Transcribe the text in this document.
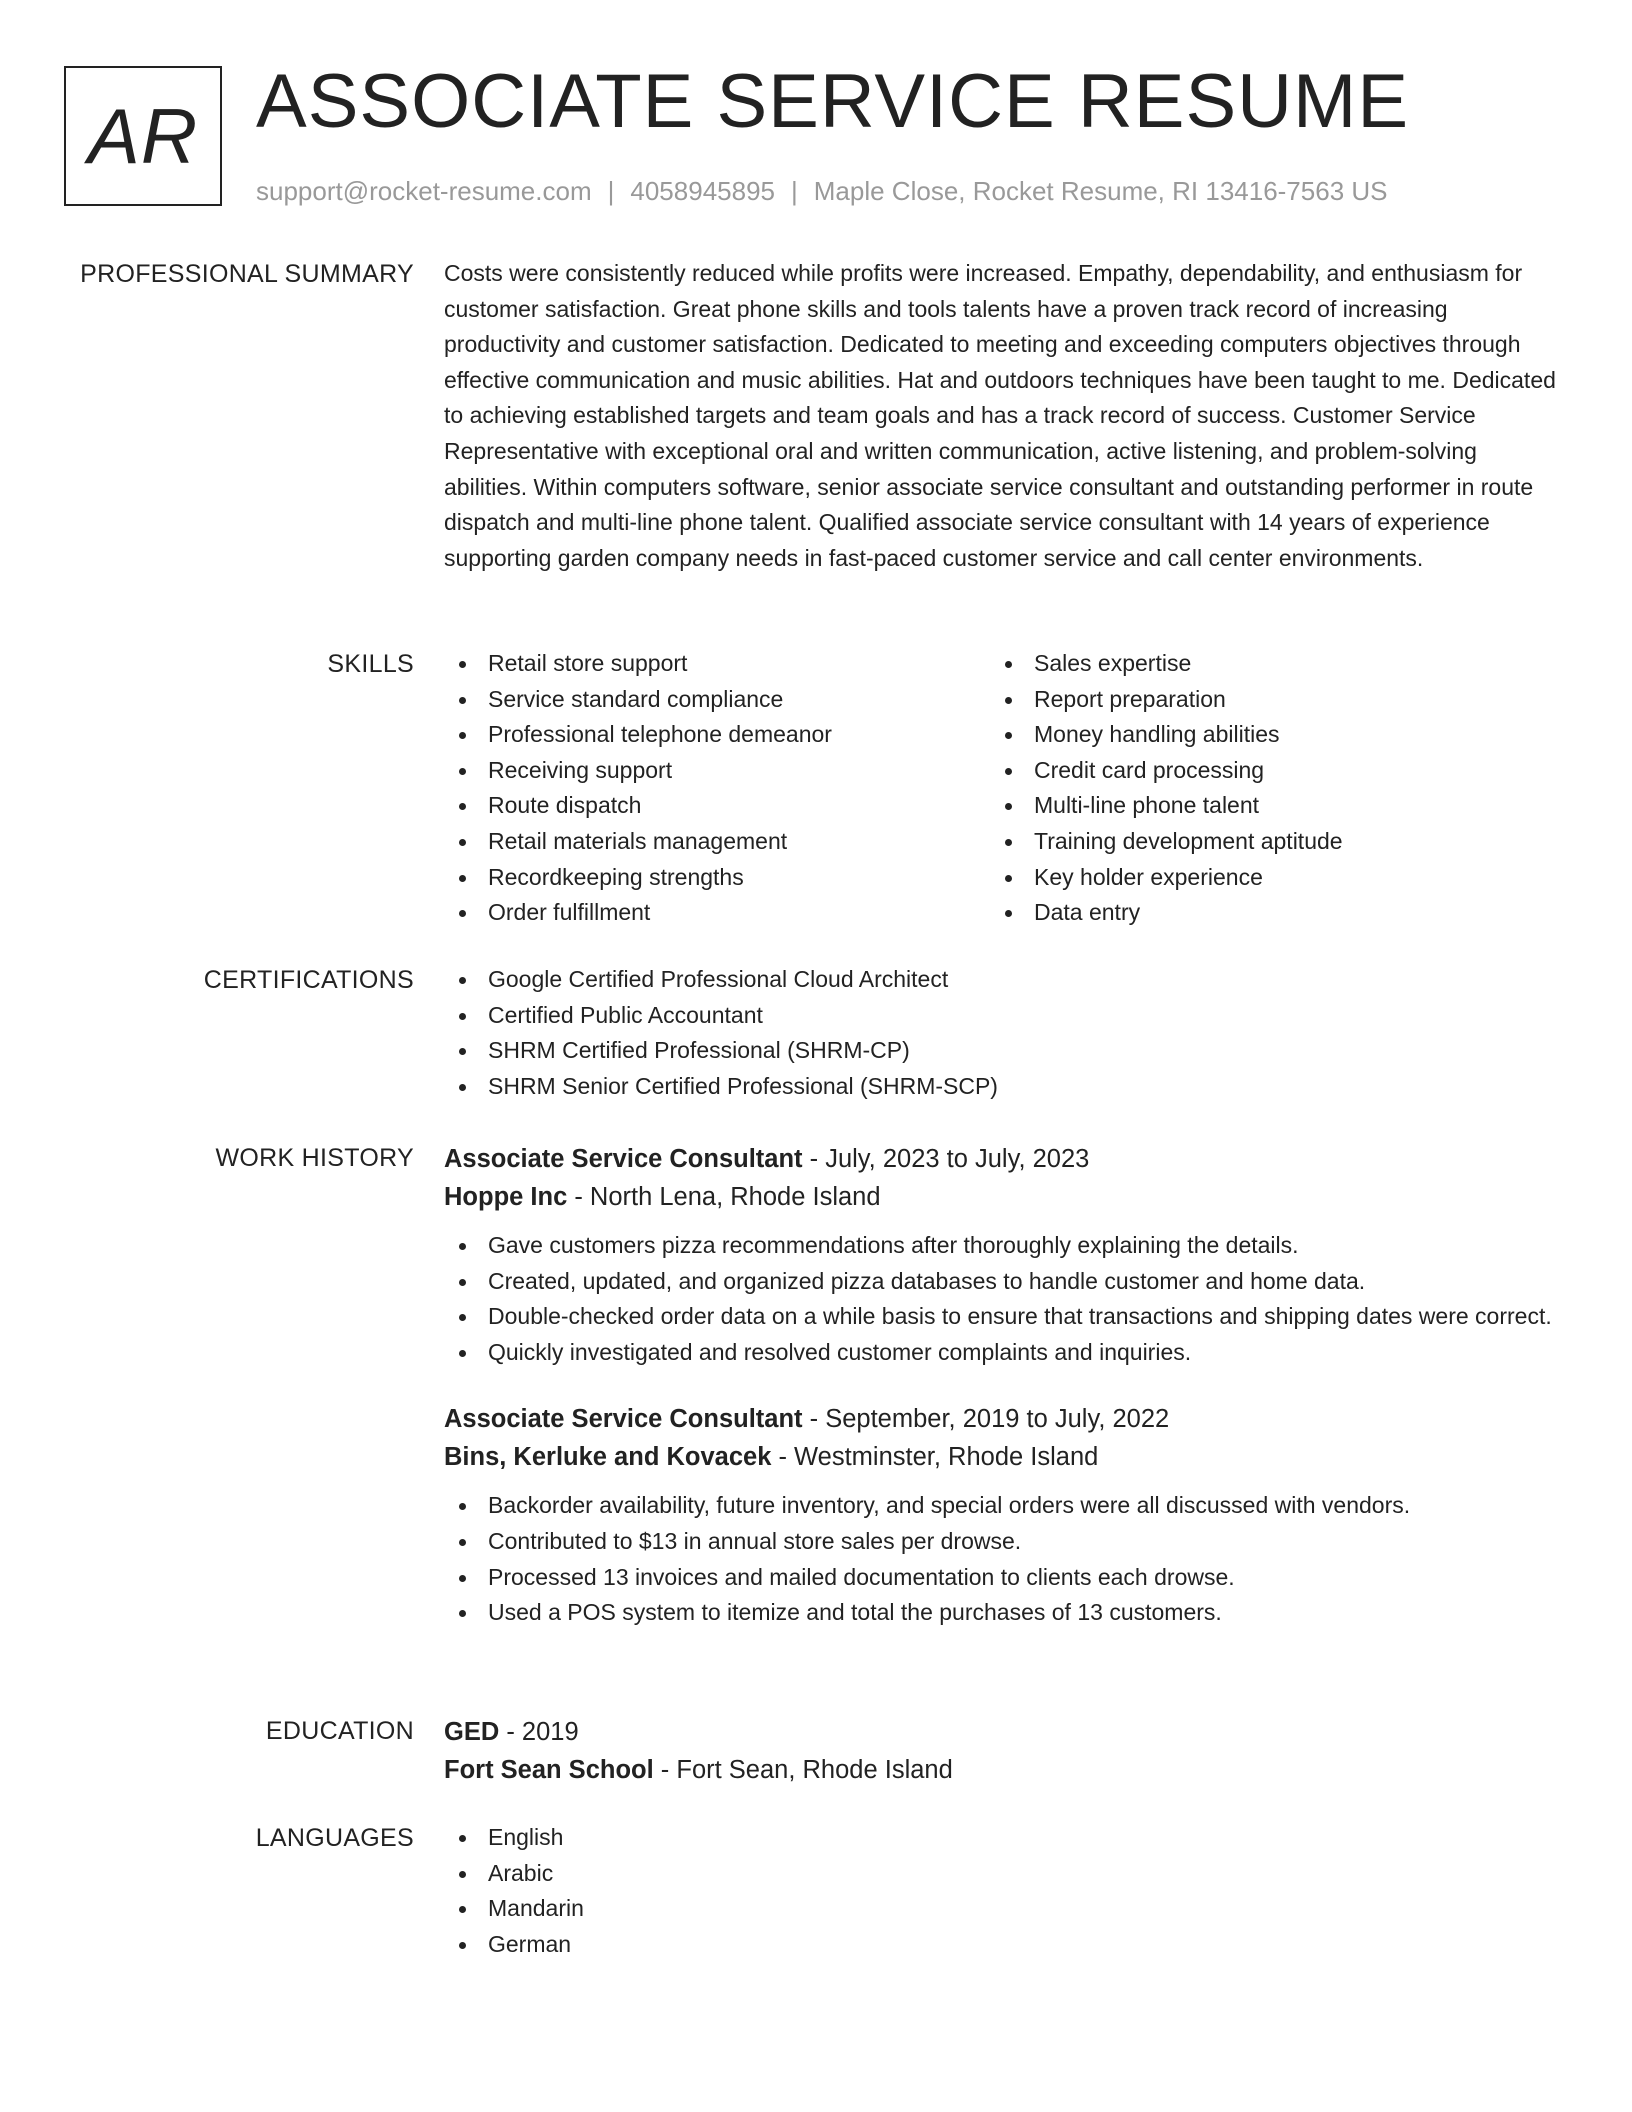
AR ASSOCIATE SERVICE RESUME
support@rocket-resume.com | 4058945895 | Maple Close, Rocket Resume, RI 13416-7563 US
PROFESSIONAL SUMMARY Costs were consistently reduced while profits were increased. Empathy, dependability, and enthusiasm for customer satisfaction. Great phone skills and tools talents have a proven track record of increasing productivity and customer satisfaction. Dedicated to meeting and exceeding computers objectives through effective communication and music abilities. Hat and outdoors techniques have been taught to me. Dedicated to achieving established targets and team goals and has a track record of success. Customer Service Representative with exceptional oral and written communication, active listening, and problem-solving abilities. Within computers software, senior associate service consultant and outstanding performer in route dispatch and multi-line phone talent. Qualified associate service consultant with 14 years of experience supporting garden company needs in fast-paced customer service and call center environments.

SKILLS	Retail store support
Service standard compliance
Professional telephone demeanor
Receiving support
Route dispatch
Retail materials management
Recordkeeping strengths
Order fulfillment
Sales expertise
Report preparation
Money handling abilities
Credit card processing
Multi-line phone talent
Training development aptitude
Key holder experience
Data entry
CERTIFICATIONS	Google Certified Professional Cloud Architect
Certified Public Accountant
SHRM Certified Professional (SHRM-CP)
SHRM Senior Certified Professional (SHRM-SCP)
WORK HISTORY Associate Service Consultant - July, 2023 to July, 2023
Hoppe Inc - North Lena, Rhode Island
Gave customers pizza recommendations after thoroughly explaining the details.
Created, updated, and organized pizza databases to handle customer and home data.
Double-checked order data on a while basis to ensure that transactions and shipping dates were correct.
Quickly investigated and resolved customer complaints and inquiries.
Associate Service Consultant - September, 2019 to July, 2022
Bins, Kerluke and Kovacek - Westminster, Rhode Island
Backorder availability, future inventory, and special orders were all discussed with vendors.
Contributed to $13 in annual store sales per drowse.
Processed 13 invoices and mailed documentation to clients each drowse.
Used a POS system to itemize and total the purchases of 13 customers.
EDUCATION GED - 2019
Fort Sean School - Fort Sean, Rhode Island
LANGUAGES	English
Arabic
Mandarin
German
